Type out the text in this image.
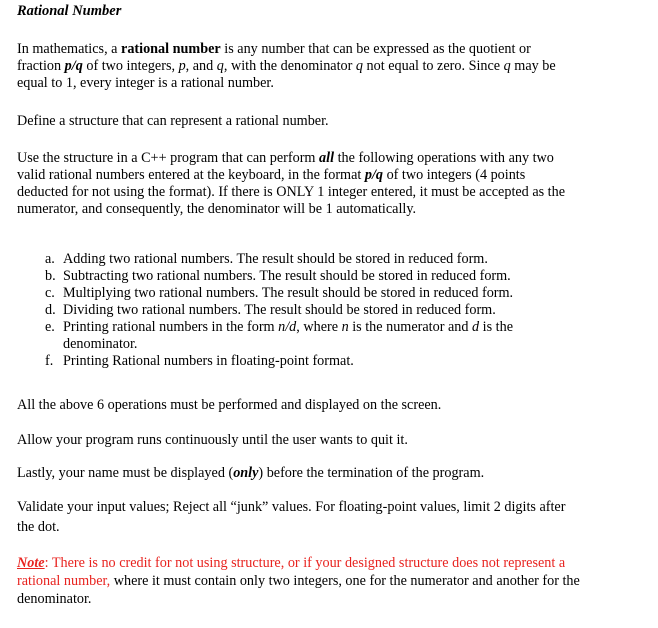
Rational Number

In mathematics, a rational number is any number that can be expressed as the quotient or
fraction p/q of two integers, p, and q, with the denominator q not equal to zero. Since q may be
equal to 1, every integer is a rational number.

Define a structure that can represent a rational number.

Use the structure in a C++ program that can perform all the following operations with any two
valid rational numbers entered at the keyboard, in the format p/q of two integers (4 points
deducted for not using the format). If there is ONLY 1 integer entered, it must be accepted as the
numerator, and consequently, the denominator will be 1 automatically.

a. Adding two rational numbers. The result should be stored in reduced form.
b. Subtracting two rational numbers. The result should be stored in reduced form.
c. Multiplying two rational numbers. The result should be stored in reduced form.
d. Dividing two rational numbers. The result should be stored in reduced form.
e. Printing rational numbers in the form n/d, where n is the numerator and d is the
denominator.
f. Printing Rational numbers in floating-point format.

All the above 6 operations must be performed and displayed on the screen.

Allow your program runs continuously until the user wants to quit it.

Lastly, your name must be displayed (only) before the termination of the program.

Validate your input values; Reject all “junk” values. For floating-point values, limit 2 digits after
the dot.

Note: There is no credit for not using structure, or if your designed structure does not represent a
rational number, where it must contain only two integers, one for the numerator and another for the
denominator.
